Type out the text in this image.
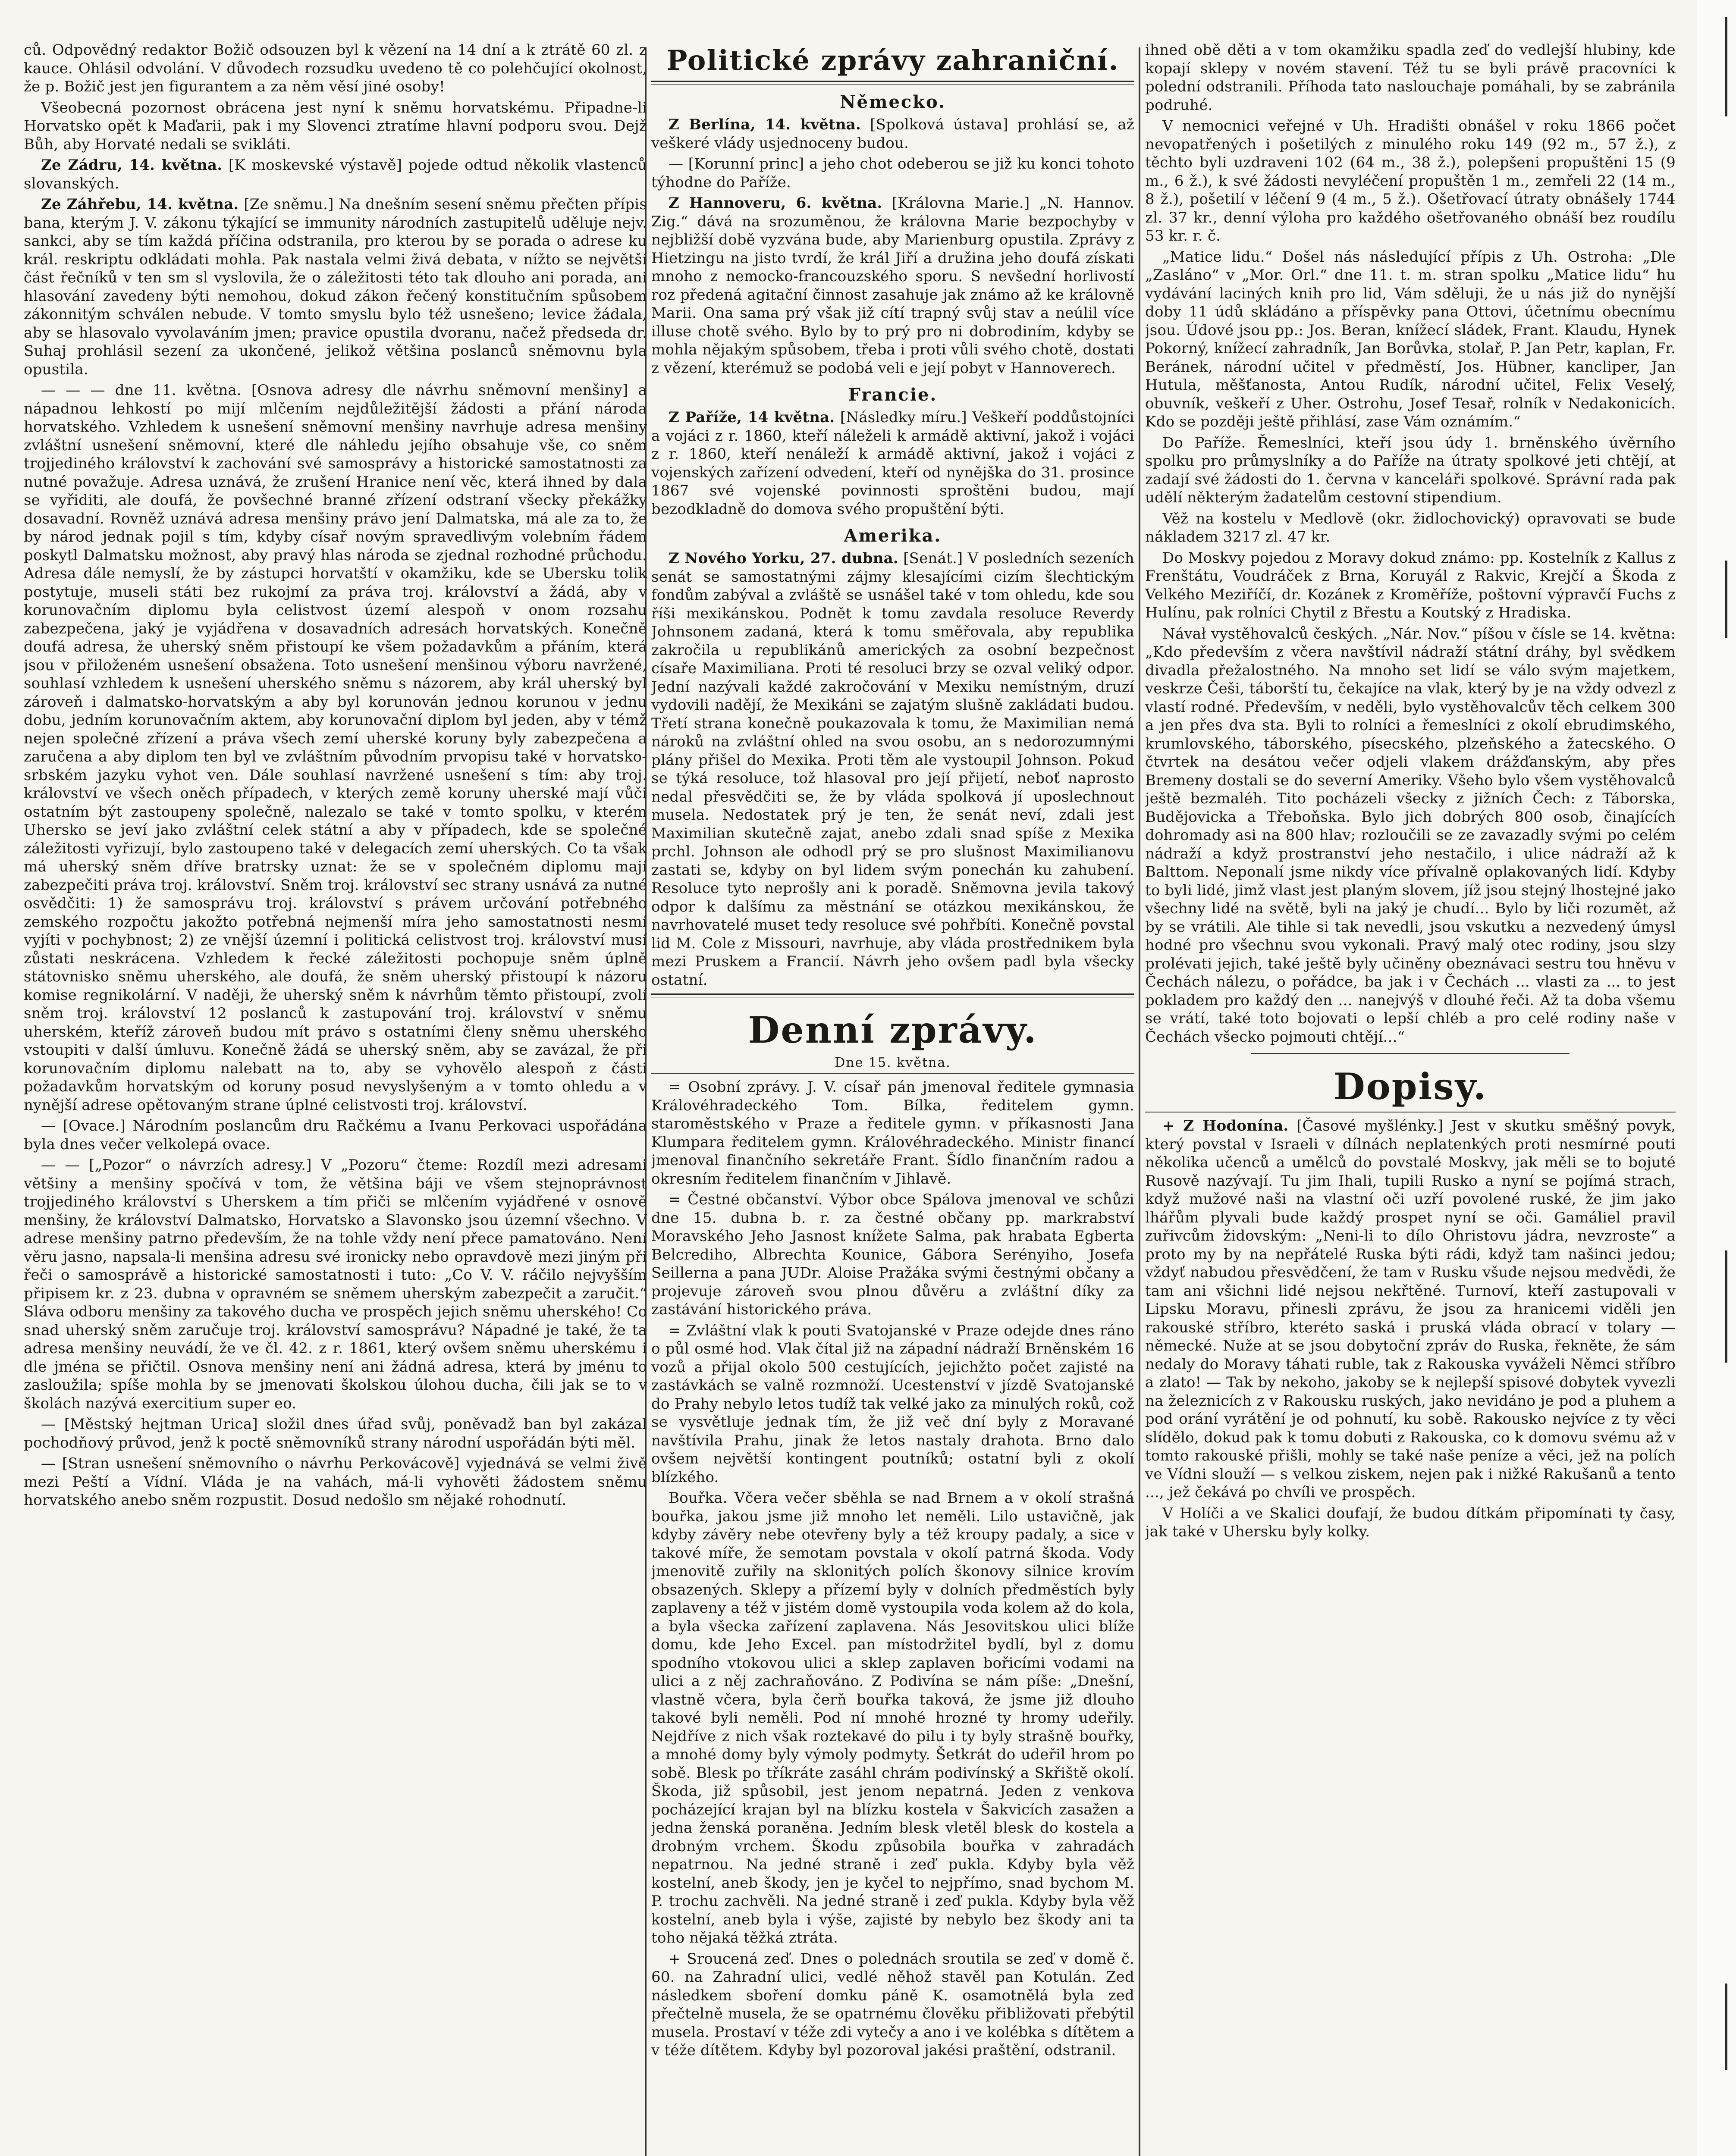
ců. Odpovědný redaktor Božič odsouzen byl k vězení na 14 dní a k ztrátě 60 zl. z kauce. Ohlásil odvolání. V důvodech rozsudku uvedeno tě co polehčující okolnost, že p. Božič jest jen figurantem a za něm věsí jiné osoby!

Všeobecná pozornost obrácena jest nyní k sněmu horvatskému. Připadne-li Horvatsko opět k Maďarii, pak i my Slovenci ztratíme hlavní podporu svou. Dejž Bůh, aby Horvaté nedali se svikláti.

Ze Zádru, 14. května. [K moskevské výstavě] pojede odtud několik vlastenců slovanských.

Ze Záhřebu, 14. května. [Ze sněmu.] Na dnešním sesení sněmu přečten přípis bana, kterým J. V. zákonu týkající se immunity národních zastupitelů uděluje nejv. sankci, aby se tím každá příčina odstranila, pro kterou by se porada o adrese ku král. reskriptu odkládati mohla. Pak nastala velmi živá debata, v nížto se největší část řečníků v ten sm sl vyslovila, že o záležitosti této tak dlouho ani porada, ani hlasování zavedeny býti nemohou, dokud zákon řečený konstitučním spůsobem zákonnitým schválen nebude. V tomto smyslu bylo též usnešeno; levice žádala, aby se hlasovalo vyvolaváním jmen; pravice opustila dvoranu, načež předseda dr. Suhaj prohlásil sezení za ukončené, jelikož většina poslanců sněmovnu byla opustila.

— — — dne 11. května. [Osnova adresy dle návrhu sněmovní menšiny] a nápadnou lehkostí po mijí mlčením nejdůležitější žádosti a přání národa horvatského. Vzhledem k usnešení sněmovní menšiny navrhuje adresa menšiny zvláštní usnešení sněmovní, které dle náhledu jejího obsahuje vše, co sněm trojjediného království k zachování své samosprávy a historické samostatnosti za nutné považuje. Adresa uznává, že zrušení Hranice není věc, která ihned by dala se vyřiditi, ale doufá, že povšechné branné zřízení odstraní všecky překážky dosavadní. Rovněž uznává adresa menšiny právo jení Dalmatska, má ale za to, že by národ jednak pojil s tím, kdyby císař novým spravedlivým volebním řádem poskytl Dalmatsku možnost, aby pravý hlas národa se zjednal rozhodné průchodu. Adresa dále nemyslí, že by zástupci horvatští v okamžiku, kde se Ubersku tolik postytuje, museli státi bez rukojmí za práva troj. království a žádá, aby v korunovačním diplomu byla celistvost území alespoň v onom rozsahu zabezpečena, jaký je vyjádřena v dosavadních adresách horvatských. Konečně doufá adresa, že uherský sněm přistoupí ke všem požadavkům a přáním, která jsou v přiloženém usnešení obsažena. Toto usnešení menšinou výboru navržené, souhlasí vzhledem k usnešení uherského sněmu s názorem, aby král uherský byl zároveň i dalmatsko-horvatským a aby byl korunován jednou korunou v jednu dobu, jedním korunovačním aktem, aby korunovační diplom byl jeden, aby v témž nejen společné zřízení a práva všech zemí uherské koruny byly zabezpečena a zaručena a aby diplom ten byl ve zvláštním původním prvopisu také v horvatsko-srbském jazyku vyhot ven. Dále souhlasí navržené usnešení s tím: aby troj. království ve všech oněch případech, v kterých země koruny uherské mají vůči ostatním být zastoupeny společně, nalezalo se také v tomto spolku, v kterém Uhersko se jeví jako zvláštní celek státní a aby v případech, kde se společné záležitosti vyřizují, bylo zastoupeno také v delegacích zemí uherských. Co ta však má uherský sněm dříve bratrsky uznat: že se v společném diplomu mají zabezpečiti práva troj. království. Sněm troj. království sec strany usnává za nutné osvědčiti: 1) že samosprávu troj. království s právem určování potřebného zemského rozpočtu jakožto potřebná nejmenší míra jeho samostatnosti nesmí vyjíti v pochybnost; 2) ze vnější územní i politická celistvost troj. království musí zůstati neskrácena. Vzhledem k řecké záležitosti pochopuje sněm úplně státovnisko sněmu uherského, ale doufá, že sněm uherský přistoupí k názoru komise regnikolární. V naději, že uherský sněm k návrhům těmto přistoupí, zvolí sněm troj. království 12 poslanců k zastupování troj. království v sněmu uherském, kteříž zároveň budou mít právo s ostatními členy sněmu uherského vstoupiti v další úmluvu. Konečně žádá se uherský sněm, aby se zavázal, že při korunovačním diplomu nalebatt na to, aby se vyhovělo alespoň z části požadavkům horvatským od koruny posud nevyslyšeným a v tomto ohledu a v nynější adrese opětovaným strane úplné celistvosti troj. království.

— [Ovace.] Národním poslancům dru Račkému a Ivanu Perkovaci uspořádána byla dnes večer velkolepá ovace.

— — [„Pozor“ o návrzích adresy.] V „Pozoru“ čteme: Rozdíl mezi adresami většiny a menšiny spočívá v tom, že většina báji ve všem stejnoprávnost trojjediného království s Uherskem a tím přiči se mlčením vyjádřené v osnově menšiny, že království Dalmatsko, Horvatsko a Slavonsko jsou územní všechno. V adrese menšiny patrno především, že na tohle vždy není přece pamatováno. Není věru jasno, napsala-li menšina adresu své ironicky nebo opravdově mezi jiným při řeči o samosprávě a historické samostatnosti i tuto: „Co V. V. ráčilo nejvyšším připisem kr. z 23. dubna v opravném se sněmem uherským zabezpečit a zaručit.“ Sláva odboru menšiny za takového ducha ve prospěch jejich sněmu uherského! Co snad uherský sněm zaručuje troj. království samosprávu? Nápadné je také, že ta adresa menšiny neuvádí, že ve čl. 42. z r. 1861, který ovšem sněmu uherskému i dle jména se přičtil. Osnova menšiny není ani žádná adresa, která by jménu to zasloužila; spíše mohla by se jmenovati školskou úlohou ducha, čili jak se to v školách nazývá exercitium super eo.

— [Městský hejtman Urica] složil dnes úřad svůj, poněvadž ban byl zakázal pochodňový průvod, jenž k poctě sněmovníků strany národní uspořádán býti měl.

— [Stran usnešení sněmovního o návrhu Perkovácově] vyjednává se velmi živě mezi Peští a Vídní. Vláda je na vahách, má-li vyhověti žádostem sněmu horvatského anebo sněm rozpustit. Dosud nedošlo sm nějaké rohodnutí.

Politické zprávy zahraniční.
Německo.

Z Berlína, 14. května. [Spolková ústava] prohlásí se, až veškeré vlády usjednoceny budou.

— [Korunní princ] a jeho chot odeberou se již ku konci tohoto týhodne do Paříže.

Z Hannoveru, 6. května. [Královna Marie.] „N. Hannov. Zig.“ dává na srozuměnou, že královna Marie bezpochyby v nejbližší době vyzvána bude, aby Marienburg opustila. Zprávy z Hietzingu na jisto tvrdí, že král Jiří a družina jeho doufá získati mnoho z nemocko-francouzského sporu. S nevšední horlivostí roz předená agitační činnost zasahuje jak známo až ke královně Marii. Ona sama prý však již cítí trapný svůj stav a neúlil více illuse chotě svého. Bylo by to prý pro ni dobrodiním, kdyby se mohla nějakým spůsobem, třeba i proti vůli svého chotě, dostati z vězení, kterémuž se podobá veli e její pobyt v Hannoverech.

Francie.

Z Paříže, 14 května. [Následky míru.] Veškeří poddůstojníci a vojáci z r. 1860, kteří náleželi k armádě aktivní, jakož i vojáci z r. 1860, kteří nenáleží k armádě aktivní, jakož i vojáci z vojenských zařízení odvedení, kteří od nynějška do 31. prosince 1867 své vojenské povinnosti sproštěni budou, mají bezodkladně do domova svého propuštění býti.

Amerika.

Z Nového Yorku, 27. dubna. [Senát.] V posledních sezeních senát se samostatnými zájmy klesajícími cizím šlechtickým fondům zabýval a zvláště se usnášel také v tom ohledu, kde sou říši mexikánskou. Podnět k tomu zavdala resoluce Reverdy Johnsonem zadaná, která k tomu směřovala, aby republika zakročila u republikánů amerických za osobní bezpečnost císaře Maximiliana. Proti té resoluci brzy se ozval veliký odpor. Jední nazývali každé zakročování v Mexiku nemístným, druzí vydovili nadějí, že Mexikáni se zajatým slušně zakládati budou. Třetí strana konečně poukazovala k tomu, že Maximilian nemá nároků na zvláštní ohled na svou osobu, an s nedorozumnými plány přišel do Mexika. Proti těm ale vystoupil Johnson. Pokud se týká resoluce, tož hlasoval pro její přijetí, neboť naprosto nedal přesvědčiti se, že by vláda spolková jí uposlechnout musela. Nedostatek prý je ten, že senát neví, zdali jest Maximilian skutečně zajat, anebo zdali snad spíše z Mexika prchl. Johnson ale odhodl prý se pro slušnost Maximilianovu zastati se, kdyby on byl lidem svým ponechán ku zahubení. Resoluce tyto neprošly ani k poradě. Sněmovna jevila takový odpor k dalšímu za městnání se otázkou mexikánskou, že navrhovatelé muset tedy resoluce své pohřbíti. Konečně povstal lid M. Cole z Missouri, navrhuje, aby vláda prostřednikem byla mezi Pruskem a Francií. Návrh jeho ovšem padl byla všecky ostatní.

Denní zprávy.
Dne 15. května.

= Osobní zprávy. J. V. císař pán jmenoval ředitele gymnasia Královéhradeckého Tom. Bílka, ředitelem gymn. staroměstského v Praze a ředitele gymn. v příkasnosti Jana Klumpara ředitelem gymn. Královéhradeckého. Ministr financí jmenoval finančního sekretáře Frant. Šídlo finančním radou a okresním ředitelem finančním v Jihlavě.

= Čestné občanství. Výbor obce Spálova jmenoval ve schůzi dne 15. dubna b. r. za čestné občany pp. markrabství Moravského Jeho Jasnost knížete Salma, pak hrabata Egberta Belcrediho, Albrechta Kounice, Gábora Serényiho, Josefa Seillerna a pana JUDr. Aloise Pražáka svými čestnými občany a projevuje zároveň svou plnou důvěru a zvláštní díky za zastávání historického práva.

= Zvláštní vlak k pouti Svatojanské v Praze odejde dnes ráno o půl osmé hod. Vlak čítal již na západní nádraží Brněnském 16 vozů a přijal okolo 500 cestujících, jejichžto počet zajisté na zastávkách se valně rozmnoží. Ucestenství v jízdě Svatojanské do Prahy nebylo letos tudíž tak velké jako za minulých roků, což se vysvětluje jednak tím, že již več dní byly z Moravané navštívila Prahu, jinak že letos nastaly drahota. Brno dalo ovšem největší kontingent poutníků; ostatní byli z okolí blízkého.

Bouřka. Včera večer sběhla se nad Brnem a v okolí strašná bouřka, jakou jsme již mnoho let neměli. Lilo ustavičně, jak kdyby závěry nebe otevřeny byly a též kroupy padaly, a sice v takové míře, že semotam povstala v okolí patrná škoda. Vody jmenovitě zuřily na sklonitých polích škonovy silnice krovím obsazených. Sklepy a přízemí byly v dolních předměstích byly zaplaveny a též v jistém domě vystoupila voda kolem až do kola, a byla všecka zařízení zaplavena. Nás Jesovitskou ulici blíže domu, kde Jeho Excel. pan místodržitel bydlí, byl z domu spodního vtokovou ulici a sklep zaplaven bořicími vodami na ulici a z něj zachraňováno. Z Podivína se nám píše: „Dnešní, vlastně včera, byla čerň bouřka taková, že jsme již dlouho takové byli neměli. Pod ní mnohé hrozné ty hromy udeřily. Nejdříve z nich však roztekavé do pilu i ty byly strašně bouřky, a mnohé domy byly výmoly podmyty. Šetkrát do udeřil hrom po sobě. Blesk po tříkráte zasáhl chrám podivínský a Skřiště okolí. Škoda, již spůsobil, jest jenom nepatrná. Jeden z venkova pocházející krajan byl na blízku kostela v Šakvicích zasažen a jedna ženská poraněna. Jedním blesk vletěl blesk do kostela a drobným vrchem. Škodu způsobila bouřka v zahradách nepatrnou. Na jedné straně i zeď pukla. Kdyby byla věž kostelní, aneb škody, jen je kyčel to nejpřímo, snad bychom M. P. trochu zachvěli. Na jedné straně i zeď pukla. Kdyby byla věž kostelní, aneb byla i výše, zajisté by nebylo bez škody ani ta toho nějaká těžká ztráta.

+ Sroucená zeď. Dnes o polednách sroutila se zeď v domě č. 60. na Zahradní ulici, vedlé něhož stavěl pan Kotulán. Zeď následkem sboření domku páně K. osamotnělá byla zeď přečtelně musela, že se opatrnému člověku přibližovati přebýtil musela. Prostaví v téže zdi vytečy a ano i ve kolébka s dítětem a v téže dítětem. Kdyby byl pozoroval jakési praštění, odstranil.

ihned obě děti a v tom okamžiku spadla zeď do vedlejší hlubiny, kde kopají sklepy v novém stavení. Též tu se byli právě pracovníci k polední odstranili. Příhoda tato naslouchaje pomáhali, by se zabránila podruhé.

V nemocnici veřejné v Uh. Hradišti obnášel v roku 1866 počet nevopatřených i pošetilých z minulého roku 149 (92 m., 57 ž.), z těchto byli uzdraveni 102 (64 m., 38 ž.), polepšeni propuštěni 15 (9 m., 6 ž.), k své žádosti nevyléčení propuštěn 1 m., zemřeli 22 (14 m., 8 ž.), pošetilí v léčení 9 (4 m., 5 ž.). Ošetřovací útraty obnášely 1744 zl. 37 kr., denní výloha pro každého ošetřovaného obnáší bez roudílu 53 kr. r. č.

„Matice lidu.“ Došel nás následující přípis z Uh. Ostroha: „Dle „Zasláno“ v „Mor. Orl.“ dne 11. t. m. stran spolku „Matice lidu“ hu vydávání laciných knih pro lid, Vám sděluji, že u nás již do nynější doby 11 údů skládáno a příspěvky pana Ottovi, účetnímu obecnímu jsou. Údové jsou pp.: Jos. Beran, knížecí sládek, Frant. Klaudu, Hynek Pokorný, knížecí zahradník, Jan Borůvka, stolař, P. Jan Petr, kaplan, Fr. Beránek, národní učitel v předměstí, Jos. Hübner, kancliper, Jan Hutula, měšťanosta, Antou Rudík, národní učitel, Felix Veselý, obuvník, veškeří z Uher. Ostrohu, Josef Tesař, rolník v Nedakonicích. Kdo se později ještě přihlásí, zase Vám oznámím.“

Do Paříže. Řemeslníci, kteří jsou údy 1. brněnského úvěrního spolku pro průmyslníky a do Paříže na útraty spolkové jeti chtějí, at zadají své žádosti do 1. června v kanceláři spolkové. Správní rada pak udělí některým žadatelům cestovní stipendium.

Věž na kostelu v Medlově (okr. židlochovický) opravovati se bude nákladem 3217 zl. 47 kr.

Do Moskvy pojedou z Moravy dokud známo: pp. Kostelník z Kallus z Frenštátu, Voudráček z Brna, Koruyál z Rakvic, Krejčí a Škoda z Velkého Meziříčí, dr. Kozánek z Kroměříže, poštovní výpravčí Fuchs z Hulínu, pak rolníci Chytil z Břestu a Koutský z Hradiska.

Návał vystěhovalců českých. „Nár. Nov.“ píšou v čísle se 14. května: „Kdo především z včera navštívil nádraží státní dráhy, byl svědkem divadla přežalostného. Na mnoho set lidí se válo svým majetkem, veskrze Češi, táborští tu, čekajíce na vlak, který by je na vždy odvezl z vlastí rodné. Především, v neděli, bylo vystěhovalcův těch celkem 300 a jen přes dva sta. Byli to rolníci a řemeslníci z okolí ebrudimského, krumlovského, táborského, písecského, plzeňského a žatecského. O čtvrtek na desátou večer odjeli vlakem drážďanským, aby přes Bremeny dostali se do severní Ameriky. Všeho bylo všem vystěhovalců ještě bezmaléh. Tito pocházeli všecky z jižních Čech: z Táborska, Budějovicka a Třeboňska. Bylo jich dobrých 800 osob, činajících dohromady asi na 800 hlav; rozloučili se ze zavazadly svými po celém nádraží a když prostranství jeho nestačilo, i ulice nádraží až k Balttom. Neponalí jsme nikdy více přívalně oplakovaných lidí. Kdyby to byli lidé, jimž vlast jest planým slovem, jíž jsou stejný lhostejné jako všechny lidé na světě, byli na jaký je chudí... Bylo by liči rozumět, až by se vrátili. Ale tihle si tak nevedli, jsou vskutku a nezvedený úmysl hodné pro všechnu svou vykonali. Pravý malý otec rodiny, jsou slzy prolévati jejich, také ještě byly učiněny obeznávaci sestru tou hněvu v Čechách nálezu, o pořádce, ba jak i v Čechách ... vlasti za ... to jest pokladem pro každý den ... nanejvýš v dlouhé řeči. Až ta doba všemu se vrátí, také toto bojovati o lepší chléb a pro celé rodiny naše v Čechách všecko pojmouti chtějí...“

Dopisy.

+ Z Hodonína. [Časové myšlénky.] Jest v skutku směšný povyk, který povstal v Israeli v dílnách neplatenkých proti nesmírné pouti několika učenců a umělců do povstalé Moskvy, jak měli se to bojuté Rusově nazývají. Tu jim Ihali, tupili Rusko a nyní se pojímá strach, když mužové naši na vlastní oči uzří povolené ruské, že jim jako lhářům plyvali bude každý prospet nyní se oči. Gamáliel pravil zuřivcům židovským: „Neni-li to dílo Ohristovu jádra, nevzroste“ a proto my by na nepřátelé Ruska býti rádi, když tam našinci jedou; vždyť nabudou přesvědčení, že tam v Rusku všude nejsou medvědi, že tam ani všichni lidé nejsou nekřtěné. Turnoví, kteří zastupovali v Lipsku Moravu, přinesli zprávu, že jsou za hranicemi viděli jen rakouské stříbro, kteréto saská i pruská vláda obrací v tolary — německé. Nuže at se jsou dobytoční zpráv do Ruska, řekněte, že sám nedaly do Moravy táhati ruble, tak z Rakouska vyváželi Němci stříbro a zlato! — Tak by nekoho, jakoby se k nejlepší spisové dobytek vyvezli na železnicích z v Rakousku ruských, jako nevidáno je pod a pluhem a pod orání vyrátění je od pohnutí, ku sobě. Rakousko nejvíce z ty věci slídělo, dokud pak k tomu dobuti z Rakouska, co k domovu svému až v tomto rakouské přišli, mohly se také naše peníze a věci, jež na polích ve Vídni slouží — s velkou ziskem, nejen pak i nižké Rakušanů a tento ..., jež čekává po chvíli ve prospěch.

V Holíči a ve Skalici doufají, že budou dítkám připomínati ty časy, jak také v Uhersku byly kolky.
